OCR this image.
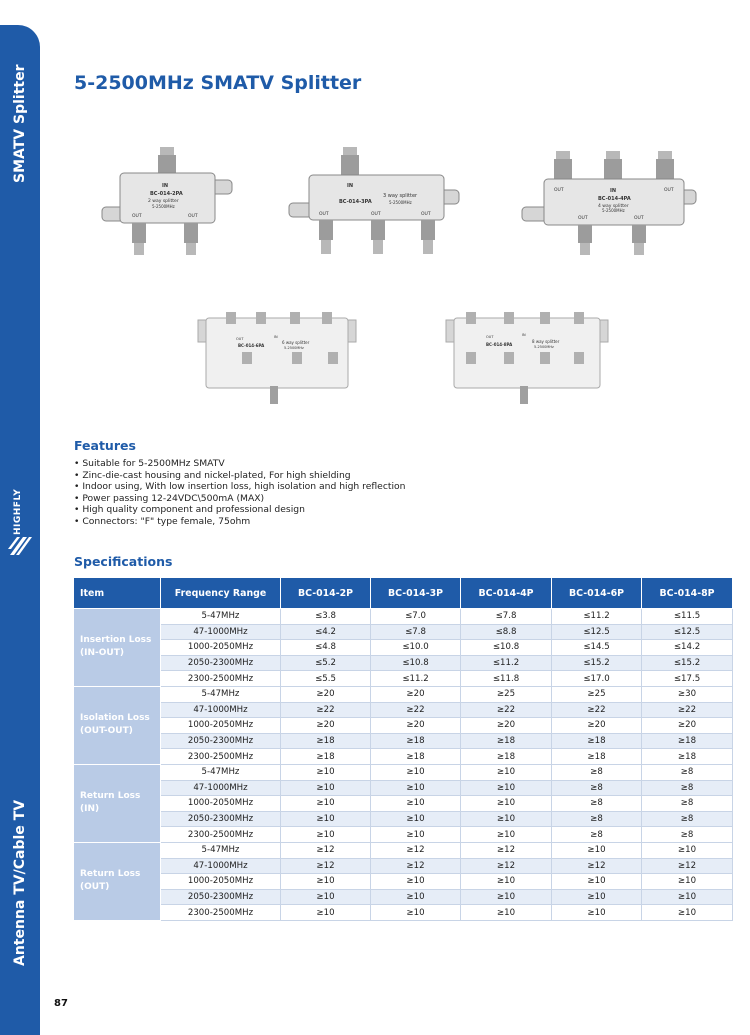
SMATV Splitter
Antenna TV/Cable TV
HIGHFLY
87
5-2500MHz SMATV Splitter
IN
BC-014-2PA
2 way splitter
5-2500MHz
OUT	OUT
IN
BC-014-3PA
3 way splitter
5-2500MHz
OUT	OUT	OUT
OUT	IN	OUT
BC-014-4PA
4 way splitter
5-2500MHz
OUT	OUT
OUT	IN
BC-014-6PA
6 way splitter
5-2500MHz
OUT	IN
BC-014-8PA
8 way splitter
5-2500MHz
Features
• Suitable for 5-2500MHz SMATV
• Zinc-die-cast housing and nickel-plated, For high shielding
• Indoor using, With low insertion loss, high isolation and high reflection
• Power passing 12-24VDC\500mA (MAX)
• High quality component and professional design
• Connectors: "F" type female, 75ohm
Specifications
Item	Frequency Range	BC-014-2P	BC-014-3P	BC-014-4P	BC-014-6P	BC-014-8P
Insertion Loss (IN-OUT)	5-47MHz	≤3.8	≤7.0	≤7.8	≤11.2	≤11.5
	47-1000MHz	≤4.2	≤7.8	≤8.8	≤12.5	≤12.5
	1000-2050MHz	≤4.8	≤10.0	≤10.8	≤14.5	≤14.2
	2050-2300MHz	≤5.2	≤10.8	≤11.2	≤15.2	≤15.2
	2300-2500MHz	≤5.5	≤11.2	≤11.8	≤17.0	≤17.5
Isolation Loss (OUT-OUT)	5-47MHz	≥20	≥20	≥25	≥25	≥30
	47-1000MHz	≥22	≥22	≥22	≥22	≥22
	1000-2050MHz	≥20	≥20	≥20	≥20	≥20
	2050-2300MHz	≥18	≥18	≥18	≥18	≥18
	2300-2500MHz	≥18	≥18	≥18	≥18	≥18
Return Loss (IN)	5-47MHz	≥10	≥10	≥10	≥8	≥8
	47-1000MHz	≥10	≥10	≥10	≥8	≥8
	1000-2050MHz	≥10	≥10	≥10	≥8	≥8
	2050-2300MHz	≥10	≥10	≥10	≥8	≥8
	2300-2500MHz	≥10	≥10	≥10	≥8	≥8
Return Loss (OUT)	5-47MHz	≥12	≥12	≥12	≥10	≥10
	47-1000MHz	≥12	≥12	≥12	≥12	≥12
	1000-2050MHz	≥10	≥10	≥10	≥10	≥10
	2050-2300MHz	≥10	≥10	≥10	≥10	≥10
	2300-2500MHz	≥10	≥10	≥10	≥10	≥10
